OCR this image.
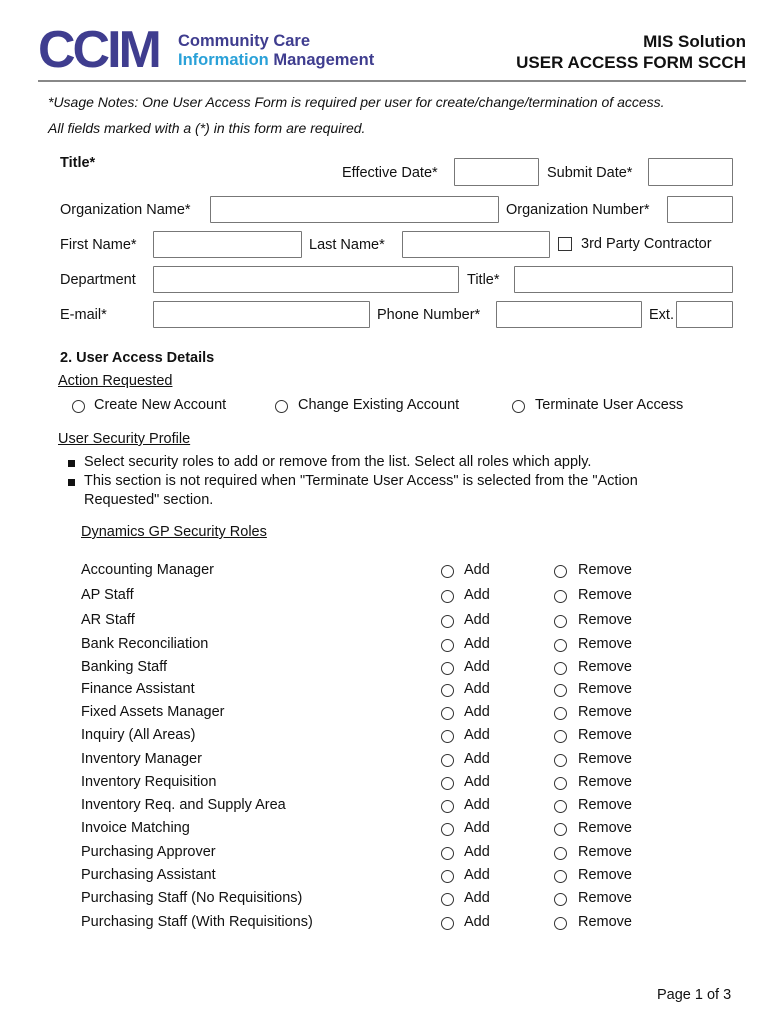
CCIM Community Care
Information Management
MIS Solution
USER ACCESS FORM SCCH
*Usage Notes: One User Access Form is required per user for create/change/termination of access.
All fields marked with a (*) in this form are required.
Title*
Effective Date*	Submit Date*
Organization Name*	Organization Number*
First Name*	Last Name*	3rd Party Contractor
Department	Title*
E-mail*	Phone Number*	Ext.
2. User Access Details
Action Requested
Create New Account	Change Existing Account	Terminate User Access
User Security Profile
Select security roles to add or remove from the list. Select all roles which apply.
This section is not required when "Terminate User Access" is selected from the "Action
Requested" section.
Dynamics GP Security Roles
Accounting Manager	Add	Remove
AP Staff	Add	Remove
AR Staff	Add	Remove
Bank Reconciliation	Add	Remove
Banking Staff	Add	Remove
Finance Assistant	Add	Remove
Fixed Assets Manager	Add	Remove
Inquiry (All Areas)	Add	Remove
Inventory Manager	Add	Remove
Inventory Requisition	Add	Remove
Inventory Req. and Supply Area	Add	Remove
Invoice Matching	Add	Remove
Purchasing Approver	Add	Remove
Purchasing Assistant	Add	Remove
Purchasing Staff (No Requisitions)	Add	Remove
Purchasing Staff (With Requisitions)	Add	Remove
Page 1 of 3
